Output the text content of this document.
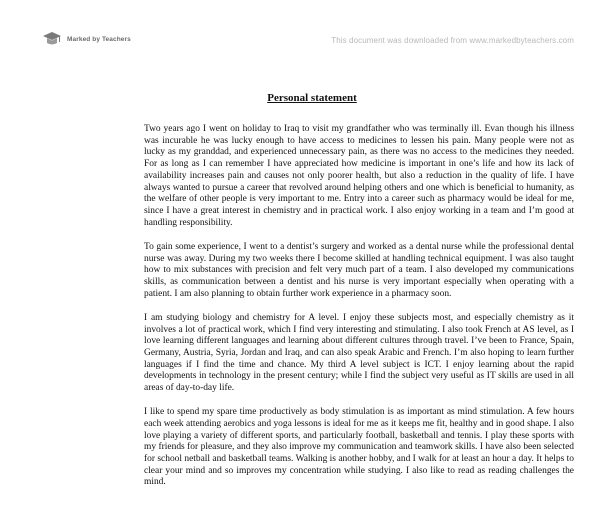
Marked by Teachers	This document was downloaded from www.markedbyteachers.com
Personal statement

Two years ago I went on holiday to Iraq to visit my grandfather who was terminally ill. Evan though his illness was incurable he was lucky enough to have access to medicines to lessen his pain. Many people were not as lucky as my granddad, and experienced unnecessary pain, as there was no access to the medicines they needed. For as long as I can remember I have appreciated how medicine is important in one’s life and how its lack of availability increases pain and causes not only poorer health, but also a reduction in the quality of life. I have always wanted to pursue a career that revolved around helping others and one which is beneficial to humanity, as the welfare of other people is very important to me. Entry into a career such as pharmacy would be ideal for me, since I have a great interest in chemistry and in practical work. I also enjoy working in a team and I’m good at handling responsibility.

To gain some experience, I went to a dentist’s surgery and worked as a dental nurse while the professional dental nurse was away. During my two weeks there I become skilled at handling technical equipment. I was also taught how to mix substances with precision and felt very much part of a team. I also developed my communications skills, as communication between a dentist and his nurse is very important especially when operating with a patient. I am also planning to obtain further work experience in a pharmacy soon.

I am studying biology and chemistry for A level. I enjoy these subjects most, and especially chemistry as it involves a lot of practical work, which I find very interesting and stimulating. I also took French at AS level, as I love learning different languages and learning about different cultures through travel. I’ve been to France, Spain, Germany, Austria, Syria, Jordan and Iraq, and can also speak Arabic and French. I’m also hoping to learn further languages if I find the time and chance. My third A level subject is ICT. I enjoy learning about the rapid developments in technology in the present century; while I find the subject very useful as IT skills are used in all areas of day-to-day life.

I like to spend my spare time productively as body stimulation is as important as mind stimulation. A few hours each week attending aerobics and yoga lessons is ideal for me as it keeps me fit, healthy and in good shape. I also love playing a variety of different sports, and particularly football, basketball and tennis. I play these sports with my friends for pleasure, and they also improve my communication and teamwork skills. I have also been selected for school netball and basketball teams. Walking is another hobby, and I walk for at least an hour a day. It helps to clear your mind and so improves my concentration while studying. I also like to read as reading challenges the mind.
